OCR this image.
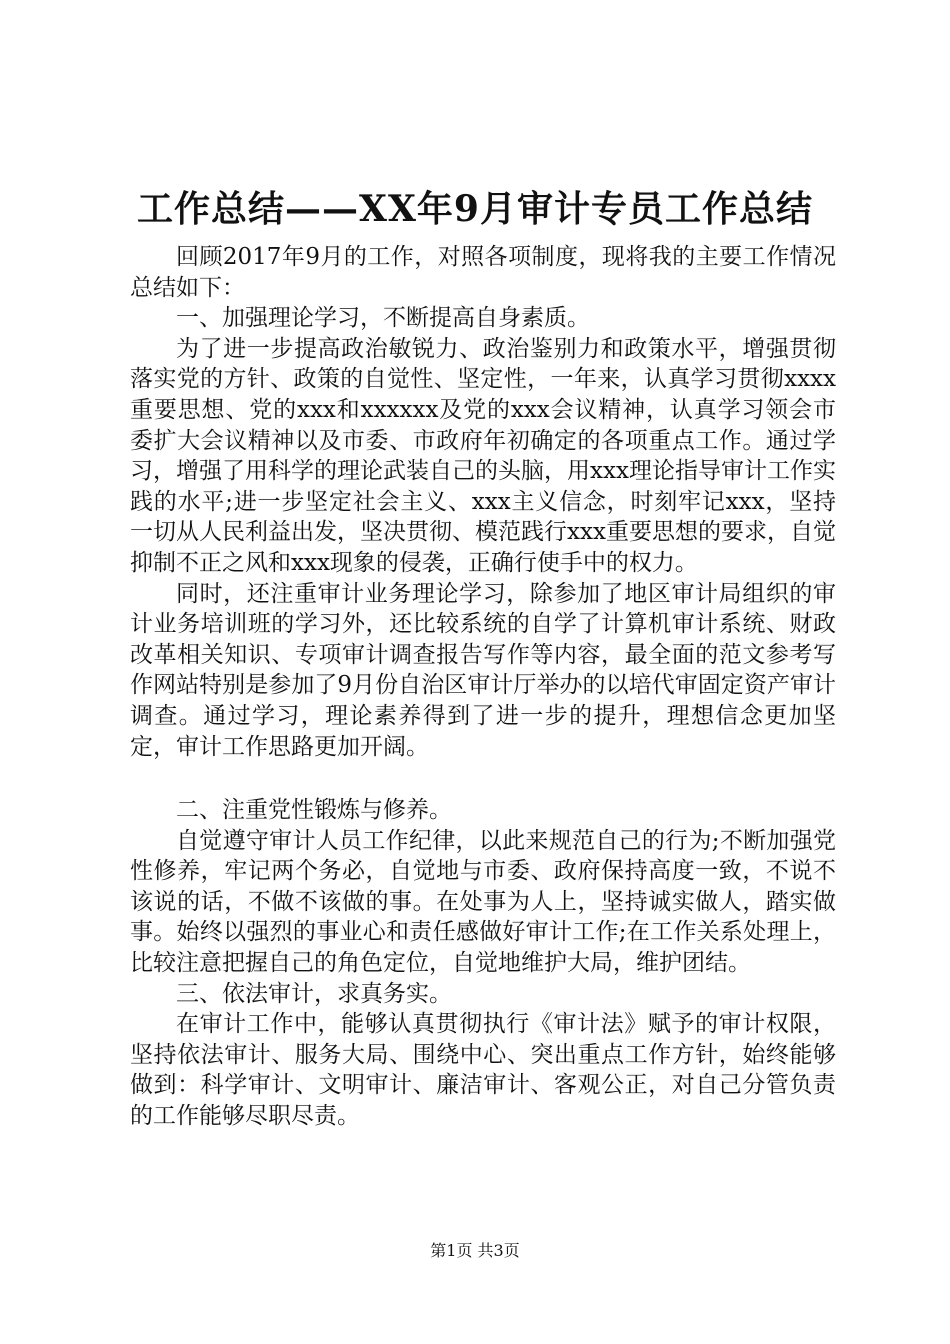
工作总结——XX年9月审计专员工作总结

回顾2017年9月的工作，对照各项制度，现将我的主要工作情况总结如下：

一、加强理论学习，不断提高自身素质。

为了进一步提高政治敏锐力、政治鉴别力和政策水平，增强贯彻落实党的方针、政策的自觉性、坚定性，一年来，认真学习贯彻xxxx重要思想、党的xxx和xxxxxx及党的xxx会议精神，认真学习领会市委扩大会议精神以及市委、市政府年初确定的各项重点工作。通过学习，增强了用科学的理论武装自己的头脑，用xxx理论指导审计工作实践的水平;进一步坚定社会主义、xxx主义信念，时刻牢记xxx，坚持一切从人民利益出发，坚决贯彻、模范践行xxx重要思想的要求，自觉抑制不正之风和xxx现象的侵袭，正确行使手中的权力。

同时，还注重审计业务理论学习，除参加了地区审计局组织的审计业务培训班的学习外，还比较系统的自学了计算机审计系统、财政改革相关知识、专项审计调查报告写作等内容，最全面的范文参考写作网站特别是参加了9月份自治区审计厅举办的以培代审固定资产审计调查。通过学习，理论素养得到了进一步的提升，理想信念更加坚定，审计工作思路更加开阔。

二、注重党性锻炼与修养。

自觉遵守审计人员工作纪律，以此来规范自己的行为;不断加强党性修养，牢记两个务必，自觉地与市委、政府保持高度一致，不说不该说的话，不做不该做的事。在处事为人上，坚持诚实做人，踏实做事。始终以强烈的事业心和责任感做好审计工作;在工作关系处理上，比较注意把握自己的角色定位，自觉地维护大局，维护团结。

三、依法审计，求真务实。

在审计工作中，能够认真贯彻执行《审计法》赋予的审计权限，坚持依法审计、服务大局、围绕中心、突出重点工作方针，始终能够做到：科学审计、文明审计、廉洁审计、客观公正，对自己分管负责的工作能够尽职尽责。

第1页 共3页
